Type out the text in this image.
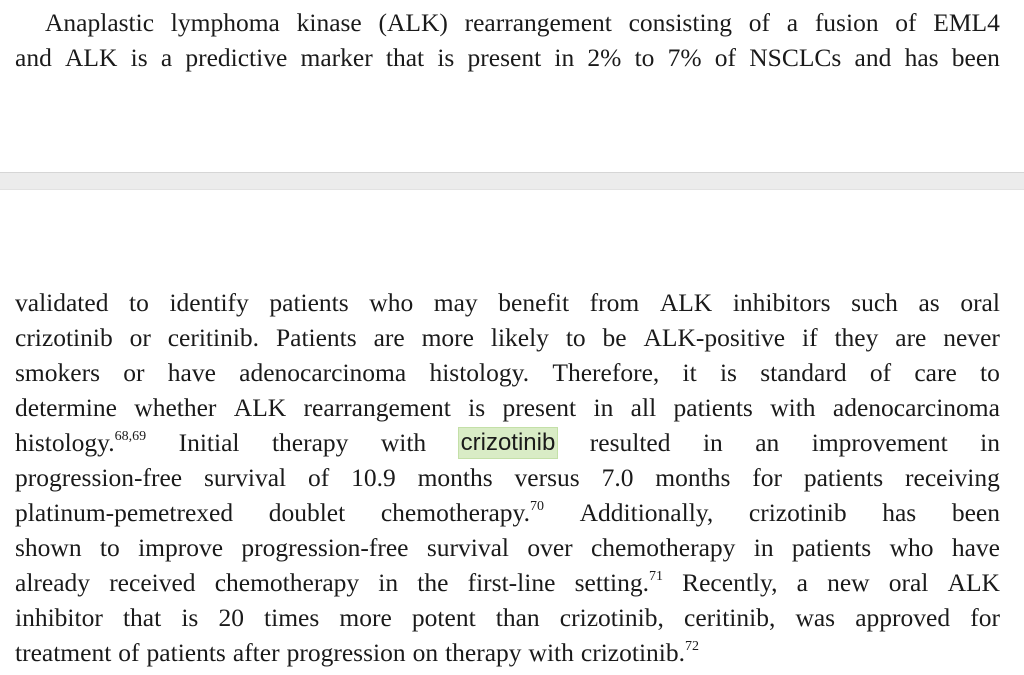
Anaplastic lymphoma kinase (ALK) rearrangement consisting of a fusion of EML4
and ALK is a predictive marker that is present in 2% to 7% of NSCLCs and has been
validated to identify patients who may benefit from ALK inhibitors such as oral
crizotinib or ceritinib. Patients are more likely to be ALK-positive if they are never
smokers or have adenocarcinoma histology. Therefore, it is standard of care to
determine whether ALK rearrangement is present in all patients with adenocarcinoma
histology.$^{68,69}$ Initial therapy with crizotinib resulted in an improvement in
progression-free survival of 10.9 months versus 7.0 months for patients receiving
platinum-pemetrexed doublet chemotherapy.$^{70}$ Additionally, crizotinib has been
shown to improve progression-free survival over chemotherapy in patients who have
already received chemotherapy in the first-line setting.$^{71}$ Recently, a new oral ALK
inhibitor that is 20 times more potent than crizotinib, ceritinib, was approved for
treatment of patients after progression on therapy with crizotinib.$^{72}$
